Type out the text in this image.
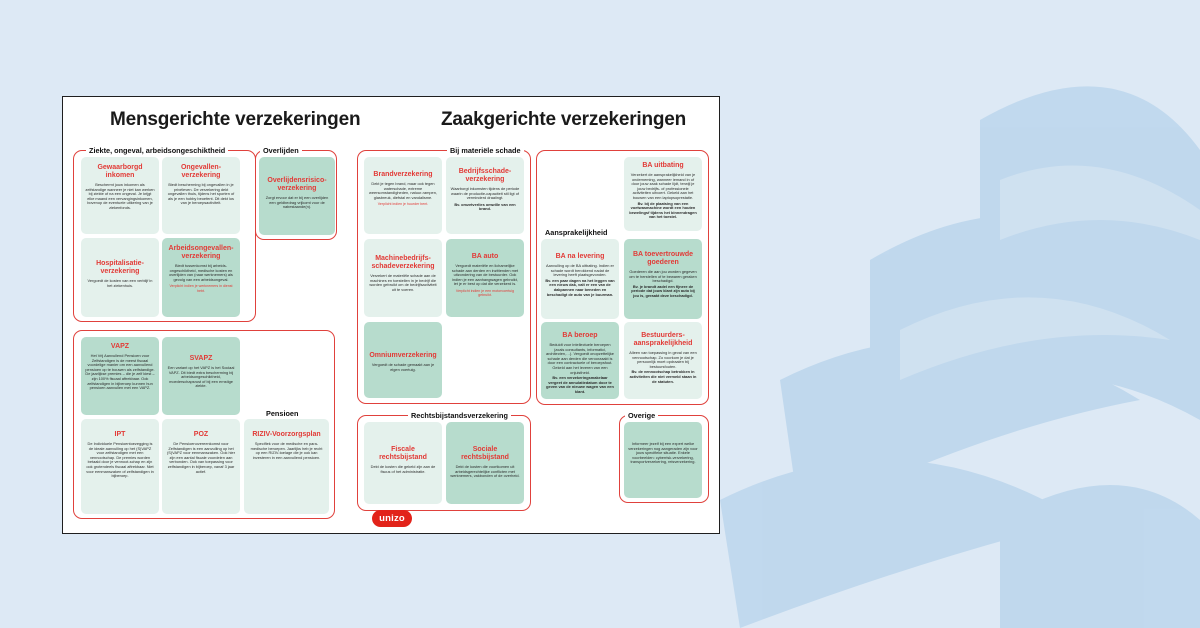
Mensgerichte verzekeringen	Zaakgerichte verzekeringen
Ziekte, ongeval, arbeidsongeschiktheid	Overlijden
Pensioen
Bij materiële schade
Rechtsbijstandsverzekering
Aansprakelijkheid
Overige
Gewaarborgd inkomen
Beschermt jouw inkomen als zelfstandige wanneer je niet kan werken bij ziekte of na een ongeval. Je krijgt elke maand een vervangingsinkomen, bovenop de eventuele uitkering van je ziekenfonds.
Ongevallen-verzekering
Biedt bescherming bij ongevallen in je privéleven. De verzekering dekt ongevallen thuis, tijdens het sporten of als je een hobby beoefent. Dit dekt los van je beroepsactiviteit.
Hospitalisatie-verzekering
Vergoedt de kosten van een verblijf in het ziekenhuis.
Arbeidsongevallen-verzekering
Biedt tussenkomst bij arbeids-ongeschiktheid, medische kosten en overlijden van (naar werknemers) als gevolg van een arbeidsongeval.
Verplicht indien je werknemers in dienst hebt.
Overlijdensrisico-verzekering
Zorgt ervoor dat er bij een overlijden een geldbedrag vrijkomt voor de nabestaande(n).
VAPZ
Het Vrij Aanvullend Pensioen voor Zelfstandigen is de meest fiscaal voordelige manier om een aanvullend pensioen op te bouwen als zelfstandige. De jaarlijkse premies – die je zelf kiest – zijn 100% fiscaal aftrekbaar. Ook zelfstandigen in bijberoep kunnen hun pensioen aanvullen met een VAPZ.
SVAPZ
Een variant op het VAPZ is het Sociaal VAPZ. Dit biedt extra bescherming bij arbeidsongeschiktheid, moederschapsrust of bij een ernstige ziekte.
IPT
De Individuele Pensioentoezegging is de ideale aanvulling op het (S)VAPZ voor zelfstandigen met een vennootschap. De premies worden betaald door je vennoot-schap en zijn ook grotendeels fiscaal aftrekbaar. Niet voor eenmanszaken of zelfstandigen in bijberoep.
POZ
De Pensioenovereenkomst voor Zelfstandigen is een aanvulling op het (S)VAPZ voor eenmanszaken. Ook hier zijn een aantal fiscale voordelen aan verbonden. Ook van toepassing voor zelfstandigen in bijberoep, vanaf 3 jaar actief.
RIZIV-Voorzorgsplan
Specifiek voor de medische en para-medische beroepen. Jaarlijks heb je recht op een RIZIV-toelage die je ook kan investeren in een aanvullend pensioen.
Brandverzekering
Dekt je tegen brand, maar ook tegen waterschade, extreme weersomstandigheden, natuur-rampen, glasbreuk, diefstal en vandalisme.
Verplicht indien je huurder bent.
Bedrijfsschade-verzekering
Waarborgt inkomsten tijdens de periode waarin de productie-capaciteit stil ligt of verminderd draaiingt.
Bv. omzetverlies omwille van een brand.
Machinebedrijfs-schadeverzekering
Verzekert de materiële schade aan de machines en toestellen in je bedrijf die worden gebruikt om de bedrijfsactiviteit uit te voeren.
BA auto
Vergoedt materiële en lichamelijke schade aan derden en inzittenden met uitzondering van de bestuurder. Ook indien je een aanhangwagen gebruikt, let je er best op dat die verzekerd is.
Verplicht indien je een motorvoertuig gebruikt.
Omniumverzekering
Vergoedt de schade gemaakt aan je eigen voertuig.
Fiscale rechtsbijstand
Dekt de kosten die gekeld zijn aan de fiscus of het administratie.
Sociale rechtsbijstand
Dekt de kosten die voortkomen uit arbeidsgerechtelijke conflicten met werknemers, vakbonden of de overheid.
BA uitbating
Verzekert de aansprakelijkheid van je onderneming, wanneer iemand in of door jouw zaak schade lijdt, terwijl je jouw bedrijfs- of professionele activiteiten uitvoert. Gekeld aan het bouwen van een laptopsoprestatie.
Bv. bij de plaatsing van een voetwasmachine wordt een houten bewelingsf tijdens het binnendragen van het toestel.
BA na levering
Aanvulling op de BA uitbating. Indien er schade wordt berokkend nadat de levering heeft plaatsgevonden.
Bv. een paar dagen na het leggen van een nieuw dak, valt er een van de dakpannen naar beneden en beschadigt de auto van je buurman.
BA toevertrouwde goederen
Goederen die aan jou worden gegeven om te herstellen of te bewaren geraken beschadigd.
Bv. je brandt zadel een fijnere de periode dat jouw klant zijn auto bij jou is, geraakt deze beschadigd.
BA beroep
Beduidt voor intellectuele beroepen (zoals consultants, informatici, architecten,…). Vergoedt onopzettelijke schade aan derden die veroorzaakt is door een contractuele of beroepsfout. Gekeld aan het leveren van een onjuistheid.
Bv. een verzekeringsmakelaar vergeet de annulatiedatum door te geven van de nieuwe wagen van een klant.
Bestuurders-aansprakelijkheid
Alleen van toepassing in geval van een vennootschap. Zo voorkom je dat je persoonlijk moet opdraaien bij bestuursfouten.
Bv. de vennootschap betrokken in activiteiten die niet vermeld staan in de statuten.
Informeer jezelf bij een expert welke verzekeringen nog aangeraden zijn voor jouw specifieke situatie. Enkele voorbeelden: cyberrisk-verzekering, transportverzekering, reisverzekering.
unizo
